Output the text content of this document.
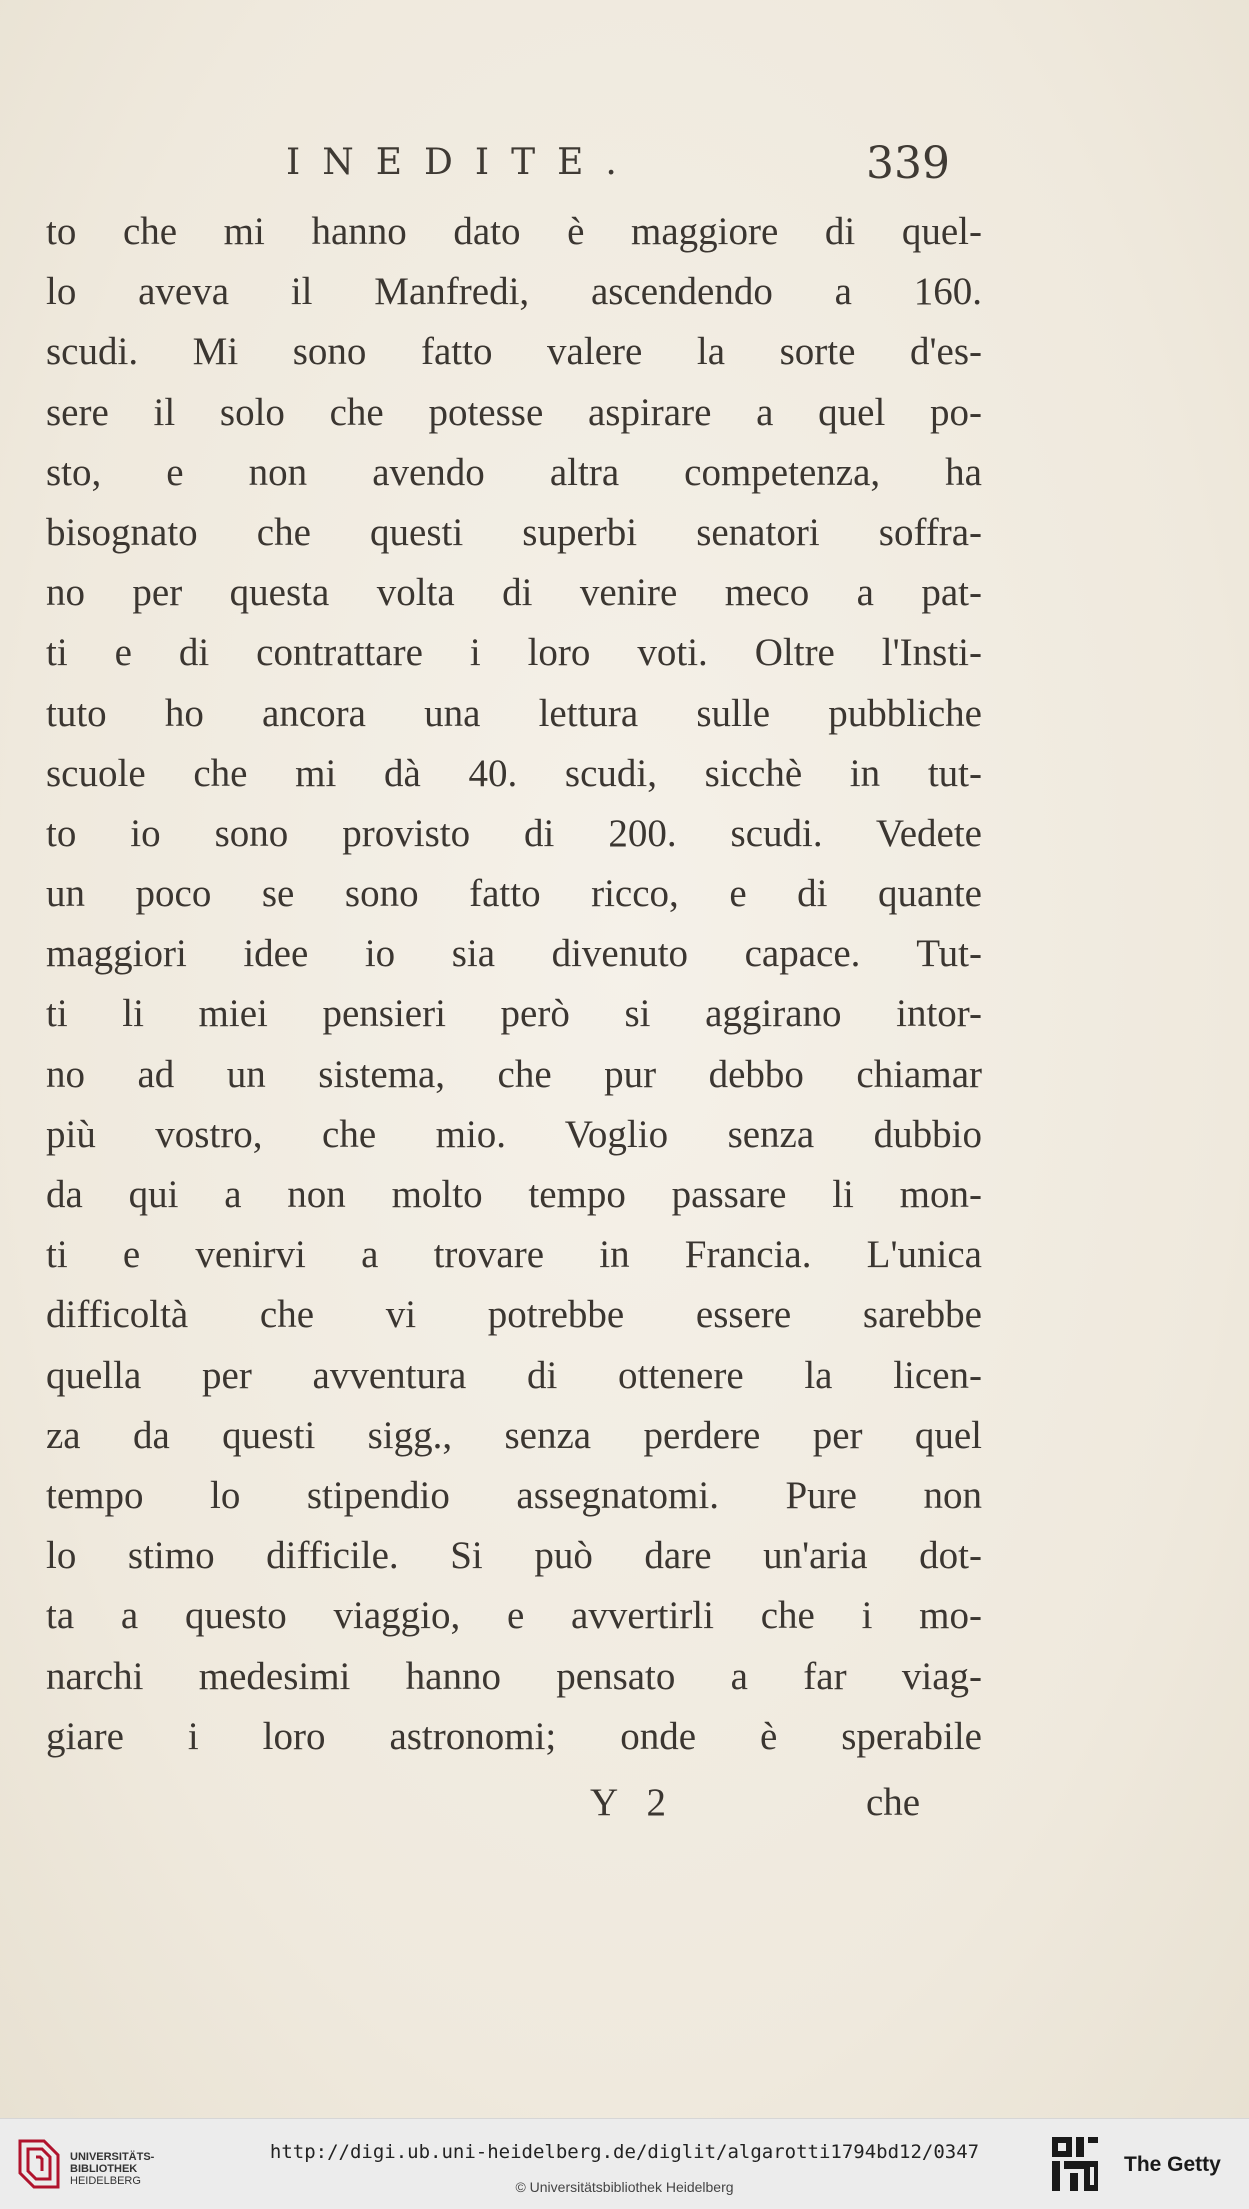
INEDITE.	339
to che mi hanno dato è maggiore di quel-
lo aveva il Manfredi, ascendendo a 160.
scudi. Mi sono fatto valere la sorte d'es-
sere il solo che potesse aspirare a quel po-
sto, e non avendo altra competenza, ha
bisognato che questi superbi senatori soffra-
no per questa volta di venire meco a pat-
ti e di contrattare i loro voti. Oltre l'Insti-
tuto ho ancora una lettura sulle pubbliche
scuole che mi dà 40. scudi, sicchè in tut-
to io sono provisto di 200. scudi. Vedete
un poco se sono fatto ricco, e di quante
maggiori idee io sia divenuto capace. Tut-
ti li miei pensieri però si aggirano intor-
no ad un sistema, che pur debbo chiamar
più vostro, che mio. Voglio senza dubbio
da qui a non molto tempo passare li mon-
ti e venirvi a trovare in Francia. L'unica
difficoltà che vi potrebbe essere sarebbe
quella per avventura di ottenere la licen-
za da questi sigg., senza perdere per quel
tempo lo stipendio assegnatomi. Pure non
lo stimo difficile. Si può dare un'aria dot-
ta a questo viaggio, e avvertirli che i mo-
narchi medesimi hanno pensato a far viag-
giare i loro astronomi; onde è sperabile
Y 2	che
UNIVERSITÄTS-
BIBLIOTHEK
HEIDELBERG
http://digi.ub.uni-heidelberg.de/diglit/algarotti1794bd12/0347
© Universitätsbibliothek Heidelberg
The Getty
